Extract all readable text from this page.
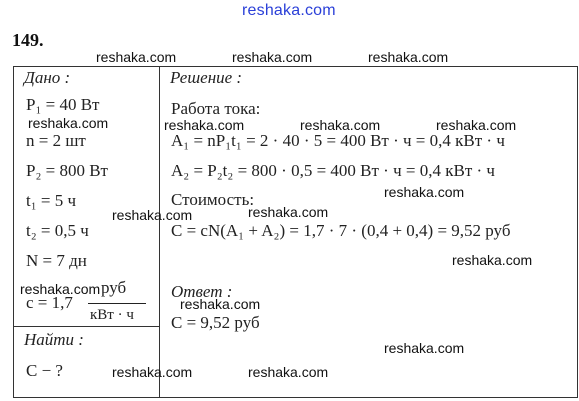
reshaka.com
149.
Дано :
P₁ = 40 Вт
n = 2 шт
P₂ = 800 Вт
t₁ = 5 ч
t₂ = 0,5 ч
N = 7 дн
c = 1,7
руб
кВт · ч
Найти :
C − ?
Решение :
Работа тока:
A₁ = nP₁t₁ = 2 · 40 · 5 = 400 Вт · ч = 0,4 кВт · ч
A₂ = P₂t₂ = 800 · 0,5 = 400 Вт · ч = 0,4 кВт · ч
Стоимость:
C = cN(A₁ + A₂) = 1,7 · 7 · (0,4 + 0,4) = 9,52 руб
Ответ :
C = 9,52 руб
reshaka.com	reshaka.com	reshaka.com
reshaka.com	reshaka.com	reshaka.com	reshaka.com
reshaka.com
reshaka.com	reshaka.com
reshaka.com
reshaka.com
reshaka.com
reshaka.com
reshaka.com	reshaka.com
